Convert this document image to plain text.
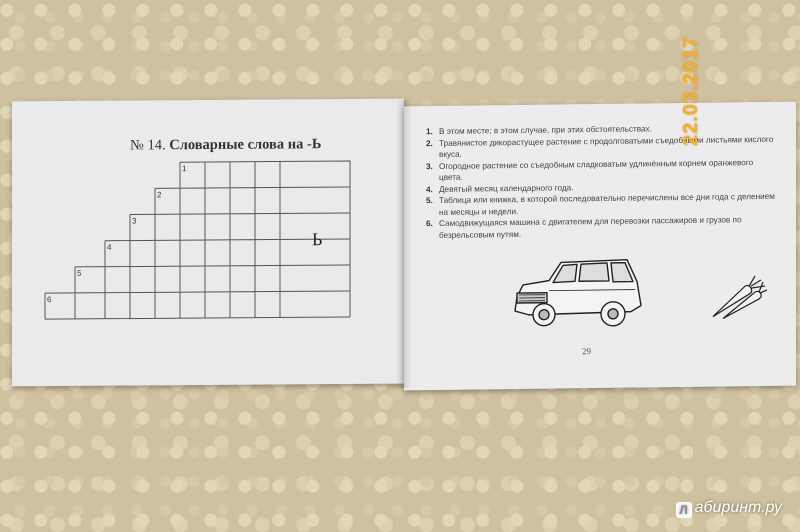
№ 14. Словарные слова на -Ь
1
2
3
4
5
6
Ь
1. В этом месте; в этом случае, при этих обстоятельствах.
2. Травянистое дикорастущее растение с продолговатыми съедобными листьями кислого вкуса.
3. Огородное растение со съедобным сладковатым удлинённым корнем оранжевого цвета.
4. Девятый месяц календарного года.
5. Таблица или книжка, в которой последовательно перечислены все дни года с делением на месяцы и недели.
6. Самодвижущаяся машина с двигателем для перевозки пассажиров и грузов по безрельсовым путям.
29
22.03.2017
Л абиринт.ру
